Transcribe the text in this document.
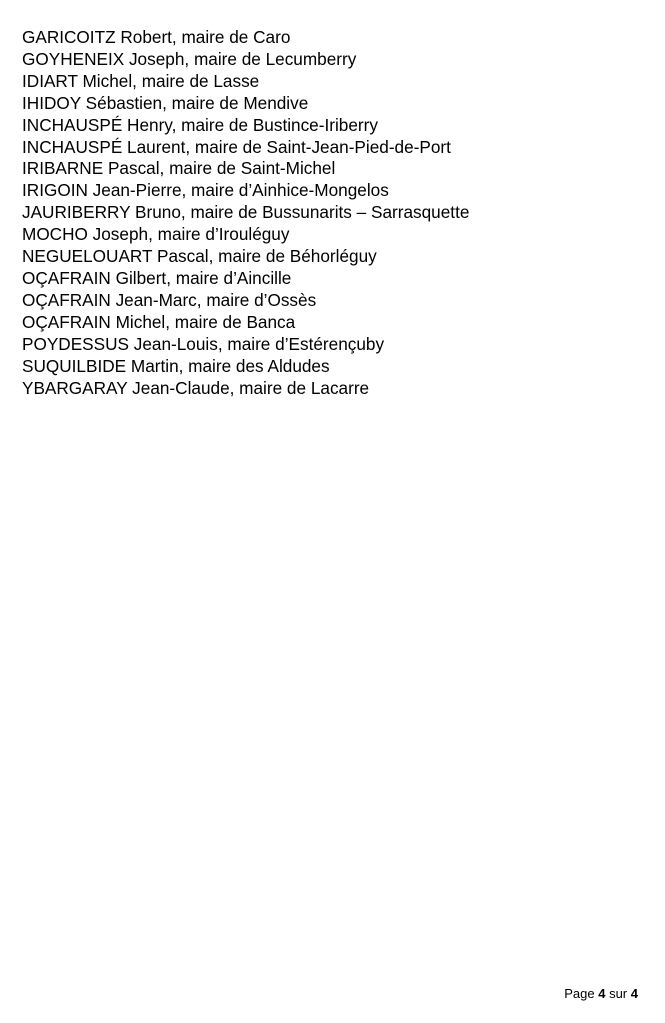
GARICOITZ Robert, maire de Caro
GOYHENEIX Joseph, maire de Lecumberry
IDIART Michel, maire de Lasse
IHIDOY Sébastien, maire de Mendive
INCHAUSPÉ Henry, maire de Bustince-Iriberry
INCHAUSPÉ Laurent, maire de Saint-Jean-Pied-de-Port
IRIBARNE Pascal, maire de Saint-Michel
IRIGOIN Jean-Pierre, maire d’Ainhice-Mongelos
JAURIBERRY Bruno, maire de Bussunarits – Sarrasquette
MOCHO Joseph, maire d’Irouléguy
NEGUELOUART Pascal, maire de Béhorléguy
OÇAFRAIN Gilbert, maire d’Aincille
OÇAFRAIN Jean-Marc, maire d’Ossès
OÇAFRAIN Michel, maire de Banca
POYDESSUS Jean-Louis, maire d’Estérençuby
SUQUILBIDE Martin, maire des Aldudes
YBARGARAY Jean-Claude, maire de Lacarre
Page 4 sur 4
